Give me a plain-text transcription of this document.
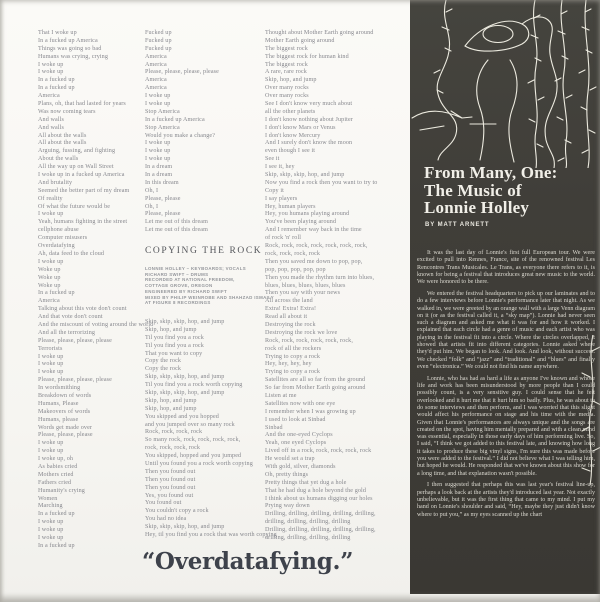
That I woke up
In a fucked up America
Things was going so bad
Humans was crying, crying
I woke up
I woke up
In a fucked up
In a fucked up
America
Plans, oh, that had lasted for years
Was now coming tears
And walls
And walls
All about the walls
All about the walls
Arguing, fussing, and fighting
About the walls
All the way up on Wall Street
I woke up in a fucked up America
And brutality
Seemed the better part of my dream
Of reality
Of what the future would be
I woke up
Yeah, humans fighting in the street
cellphone abuse
Computer misusers
Overdatafying
Ah, data feed to the cloud
I woke up
Woke up
Woke up
Woke up
In a fucked up
America
Talking about this vote don't count
And that vote don't count
And the miscount of voting around the world
And all the terrorizing
Please, please, please, please
Terrorists
I woke up
I woke up
I woke up
Please, please, please, please
In wordsmithing
Breakdown of words
Humans, Please
Makeovers of words
Humans, please
Words get made over
Please, please, please
I woke up
I woke up
I woke up, oh
As babies cried
Mothers cried
Fathers cried
Humanity's crying
Women
Marching
In a fucked up
I woke up
I woke up
I woke up
In a fucked up
Fucked up
Fucked up
Fucked up
America
America
Please, please, please, please
America
America
I woke up
I woke up
Stop America
In a fucked up America
Stop America
Would you make a change?
I woke up
I woke up
I woke up
In a dream
In a dream
In this dream
Oh, I
Please, please
Oh, I
Please, please
Let me out of this dream
Let me out of this dream
COPYING THE ROCK
LONNIE HOLLEY – KEYBOARDS; VOCALS
RICHARD SWIFT – DRUMS
RECORDED AT NATIONAL FREEDOM,
COTTAGE GROVE, OREGON
ENGINEERED BY RICHARD SWIFT
MIXED BY PHILIP WEINROBE AND SHAHZAD ISMAILY
AT FIGURE 8 RECORDINGS
Skip, skip, skip, hop, and jump
Skip, hop, and jump
Til you find you a rock
Til you find you a rock
That you want to copy
Copy the rock
Copy the rock
Skip, skip, skip, hop, and jump
Til you find you a rock worth copying
Skip, skip, skip, hop, and jump
Skip, hop, and jump
Skip, hop, and jump
You skipped and you hopped
and you jumped over so many rock
Rock, rock, rock, rock
So many rock, rock, rock, rock, rock,
rock, rock, rock, rock
You skipped, hopped and you jumped
Until you found you a rock worth copying
Then you found out
Then you found out
Then you found out
Yes, you found out
You found out
You couldn't copy a rock
You had no idea
Skip, skip, skip, hop, and jump
Hey, til you find you a rock that was worth copying
Thought about Mother Earth going around
Mother Earth going around
The biggest rock
The biggest rock for human kind
The biggest rock
A rare, rare rock
Skip, hop, and jump
Over many rocks
Over many rocks
See I don't know very much about
all the other planets
I don't know nothing about Jupiter
I don't know Mars or Venus
I don't know Mercury
And I surely don't know the moon
even though I see it
See it
I see it, hey
Skip, skip, skip, hop, and jump
Now you find a rock then you want to try to
Copy it
I say players
Hey, human players
Hey, you humans playing around
You've been playing around
And I remember way back in the time
of rock 'n' roll
Rock, rock, rock, rock, rock, rock, rock,
rock, rock, rock, rock
Then you saved me down to pop, pop,
pop, pop, pop, pop, pop
Then you made the rhythm turn into blues,
blues, blues, blues, blues, blues
Then you say with your news
All across the land
Extra! Extra! Extra!
Read all about it
Destroying the rock
Destroying the rock we love
Rock, rock, rock, rock, rock, rock,
rock of all the rockers
Trying to copy a rock
Hey, hey, hey, hey
Trying to copy a rock
Satellites are all so far from the ground
So far from Mother Earth going around
Listen at me
Satellites now with one eye
I remember when I was growing up
I used to look at Sinbad
Sinbad
And the one-eyed Cyclops
Yeah, one eyed Cyclops
Lived off in a rock, rock, rock, rock, rock
He would set a trap
With gold, silver, diamonds
Oh, pretty things
Pretty things that yet dug a hole
That he had dug a hole beyond the gold
I think about us humans digging our holes
Prying way down
Drilling, drilling, drilling, drilling, drilling,
drilling, drilling, drilling, drilling
Drilling, drilling, drilling, drilling, drilling,
drilling, drilling, drilling, drilling
“Overdatafying.”
From Many, One:
The Music of
Lonnie Holley
BY MATT ARNETT
It was the last day of Lonnie's first full European tour. We were excited to pull into Rennes, France, site of the renowned festival Les Rencontres Trans Musicales. Le Trans, as everyone there refers to it, is known for being a festival that introduces great new music to the world. We were honored to be there.
We entered the festival headquarters to pick up our laminates and to do a few interviews before Lonnie's performance later that night. As we walked in, we were greeted by an orange wall with a large Venn diagram on it (or as the festival called it, a “sky map”). Lonnie had never seen such a diagram and asked me what it was for and how it worked. I explained that each circle had a genre of music and each artist who was playing in the festival fit into a circle. Where the circles overlapped, it showed that artists fit into different categories. Lonnie asked where they'd put him. We began to look. And look. And look, without success. We checked “folk” and “jazz” and “traditional” and “blues” and finally even “electronica.” We could not find his name anywhere.
Lonnie, who has had as hard a life as anyone I've known and whose life and work has been misunderstood by more people than I could possibly count, is a very sensitive guy. I could sense that he felt overlooked and it hurt me that it hurt him so badly. Plus, he was about to do some interviews and then perform, and I was worried that this slight would affect his performance on stage and his time with the media. Given that Lonnie's performances are always unique and the songs are created on the spot, having him mentally prepared and with a clean mind was essential, especially in those early days of him performing live. So, I said, “I think we got added to this festival late, and knowing how long it takes to produce these big vinyl signs, I'm sure this was made before you were added to the festival.” I did not believe what I was telling him, but hoped he would. He responded that we've known about this show for a long time, and that explanation wasn't possible.
I then suggested that perhaps this was last year's festival line-up, perhaps a look back at the artists they'd introduced last year. Not exactly unbelievable, but it was the first thing that came to my mind. I put my hand on Lonnie's shoulder and said, “Hey, maybe they just didn't know where to put you,” as my eyes scanned up the chart
